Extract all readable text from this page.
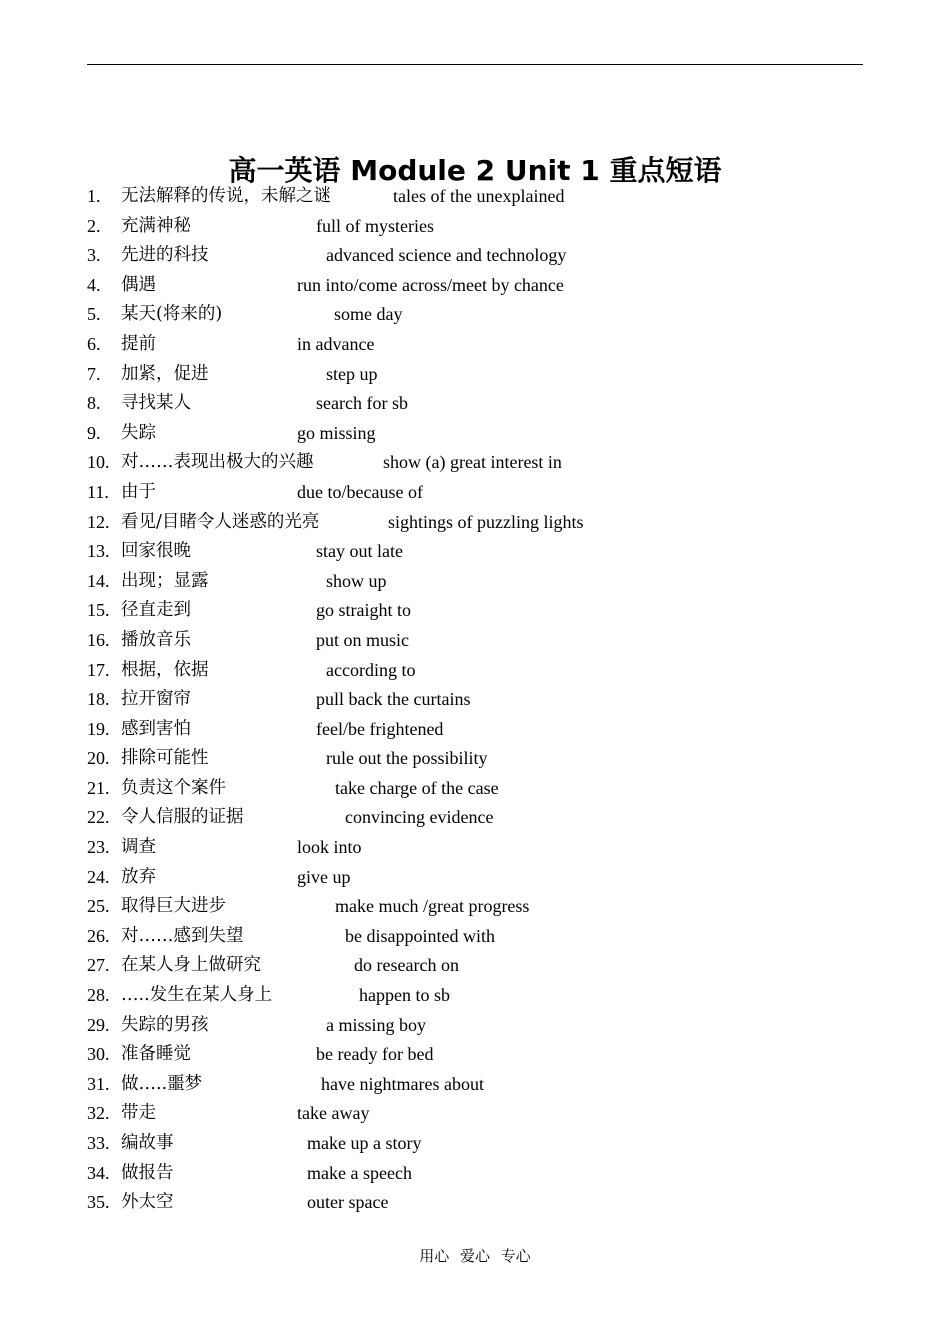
高一英语 Module 2 Unit 1 重点短语
1. 无法解释的传说，未解之谜	tales of the unexplained
2. 充满神秘	full of mysteries
3. 先进的科技	advanced science and technology
4. 偶遇	run into/come across/meet by chance
5. 某天(将来的)	some day
6. 提前	in advance
7. 加紧，促进	step up
8. 寻找某人	search for sb
9. 失踪	go missing
10. 对……表现出极大的兴趣	show (a) great interest in
11. 由于	due to/because of
12. 看见/目睹令人迷惑的光亮	sightings of puzzling lights
13. 回家很晚	stay out late
14. 出现；显露	show up
15. 径直走到	go straight to
16. 播放音乐	put on music
17. 根据，依据	according to
18. 拉开窗帘	pull back the curtains
19. 感到害怕	feel/be frightened
20. 排除可能性	rule out the possibility
21. 负责这个案件	take charge of the case
22. 令人信服的证据	convincing evidence
23. 调查	look into
24. 放弃	give up
25. 取得巨大进步	make much /great progress
26. 对……感到失望	be disappointed with
27. 在某人身上做研究	do research on
28. …..发生在某人身上	happen to sb
29. 失踪的男孩	a missing boy
30. 准备睡觉	be ready for bed
31. 做…..噩梦	have nightmares about
32. 带走	take away
33. 编故事	make up a story
34. 做报告	make a speech
35. 外太空	outer space
用心 爱心 专心
